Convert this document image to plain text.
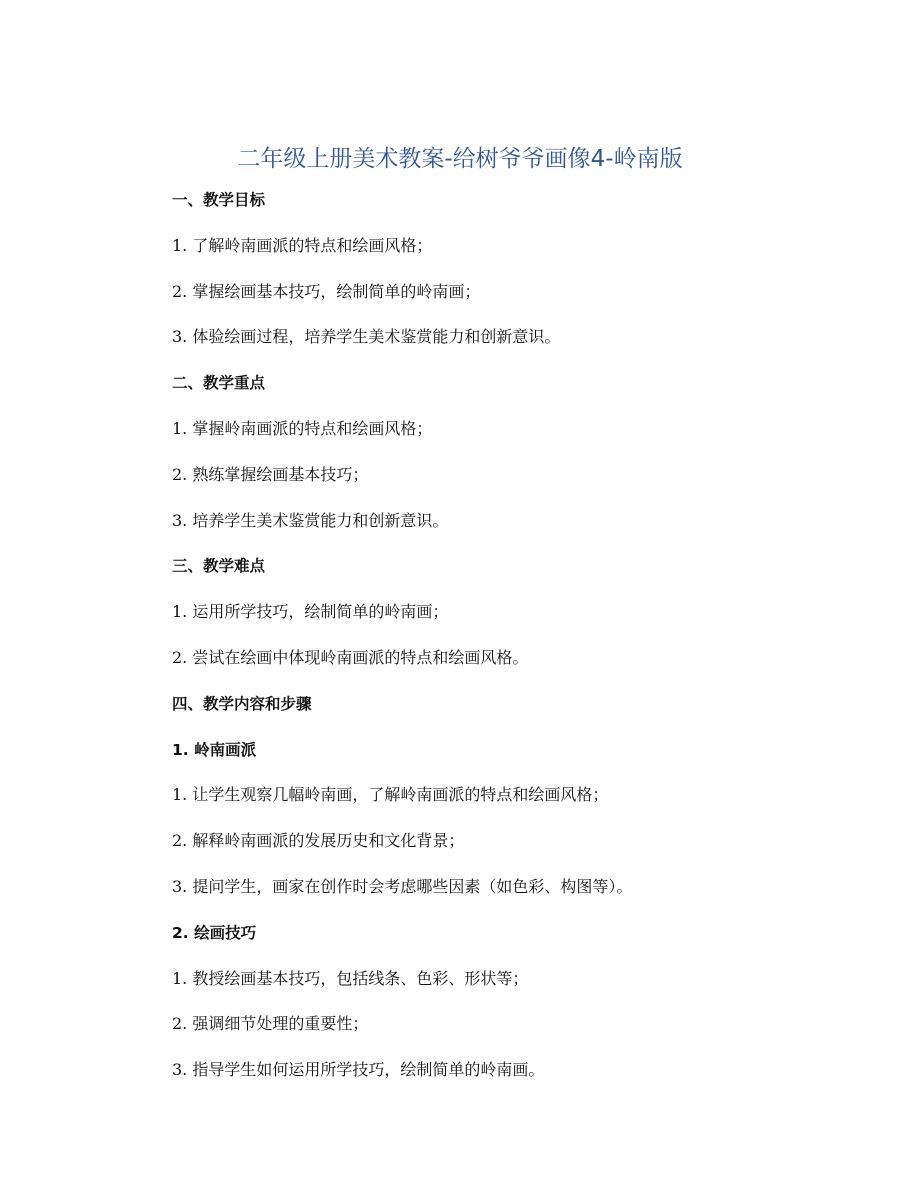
二年级上册美术教案-给树爷爷画像4-岭南版
一、教学目标
1. 了解岭南画派的特点和绘画风格；
2. 掌握绘画基本技巧，绘制简单的岭南画；
3. 体验绘画过程，培养学生美术鉴赏能力和创新意识。
二、教学重点
1. 掌握岭南画派的特点和绘画风格；
2. 熟练掌握绘画基本技巧；
3. 培养学生美术鉴赏能力和创新意识。
三、教学难点
1. 运用所学技巧，绘制简单的岭南画；
2. 尝试在绘画中体现岭南画派的特点和绘画风格。
四、教学内容和步骤
1. 岭南画派
1. 让学生观察几幅岭南画，了解岭南画派的特点和绘画风格；
2. 解释岭南画派的发展历史和文化背景；
3. 提问学生，画家在创作时会考虑哪些因素（如色彩、构图等）。
2. 绘画技巧
1. 教授绘画基本技巧，包括线条、色彩、形状等；
2. 强调细节处理的重要性；
3. 指导学生如何运用所学技巧，绘制简单的岭南画。
